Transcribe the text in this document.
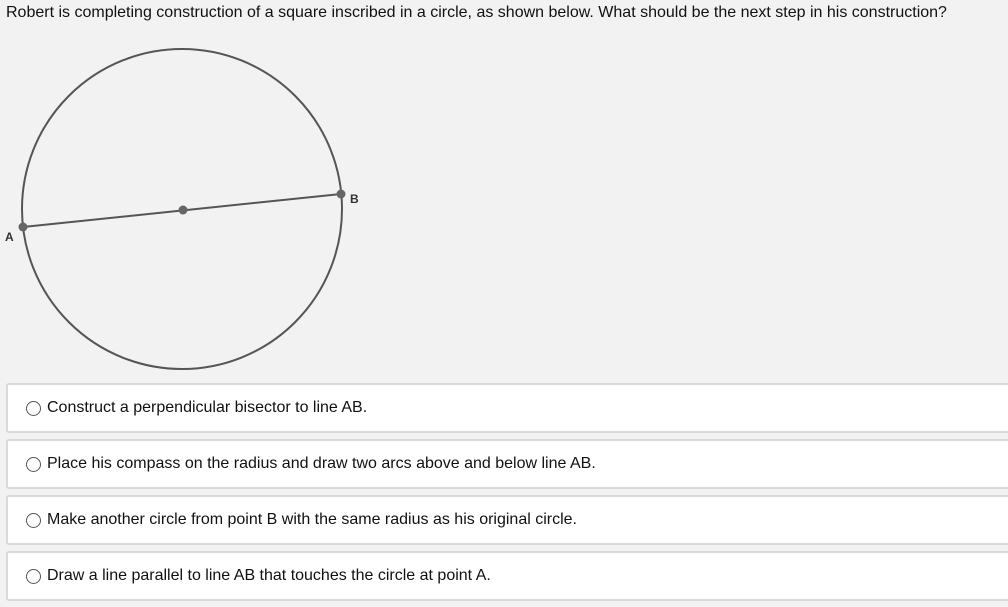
Robert is completing construction of a square inscribed in a circle, as shown below. What should be the next step in his construction?
A
B
Construct a perpendicular bisector to line AB.
Place his compass on the radius and draw two arcs above and below line AB.
Make another circle from point B with the same radius as his original circle.
Draw a line parallel to line AB that touches the circle at point A.
